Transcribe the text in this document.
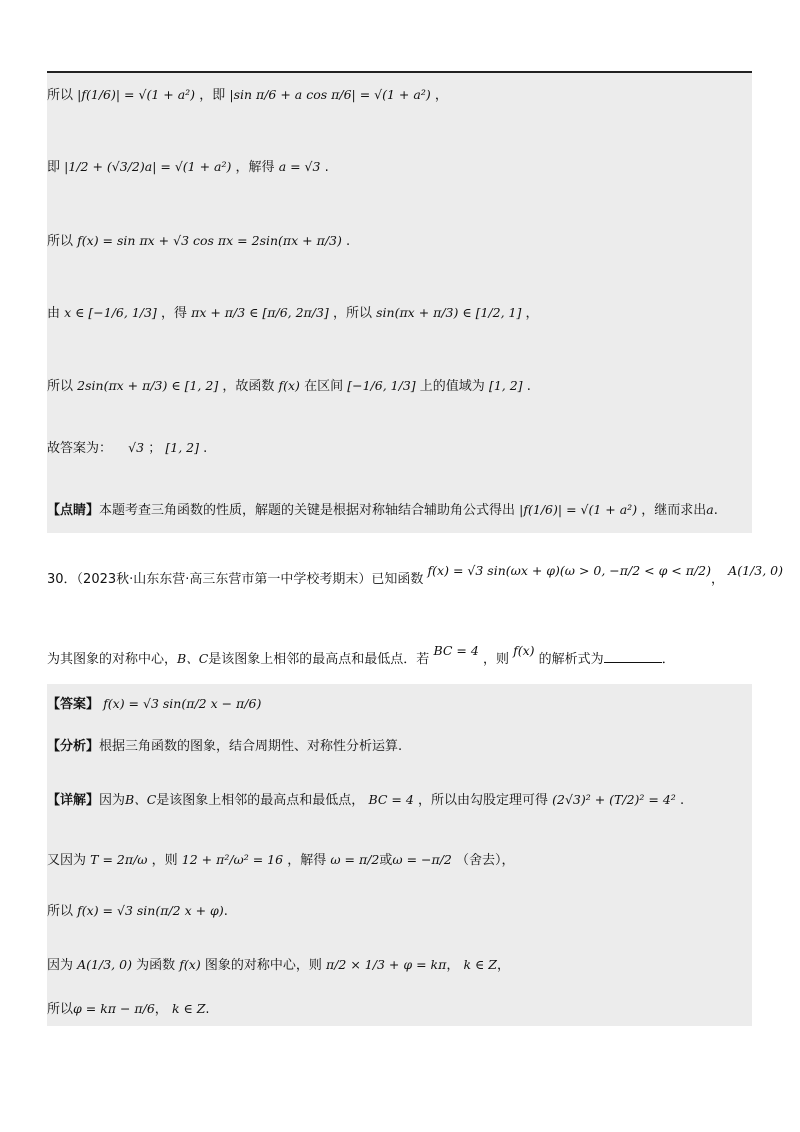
所以 |f(1/6)| = √(1 + a²) ，即 |sin π/6 + a cos π/6| = √(1 + a²) ，
即 |1/2 + (√3/2)a| = √(1 + a²) ，解得 a = √3 .
所以 f(x) = sin πx + √3 cos πx = 2sin(πx + π/3) .
由 x ∈ [−1/6, 1/3] ，得 πx + π/3 ∈ [π/6, 2π/3] ，所以 sin(πx + π/3) ∈ [1/2, 1] ，
所以 2sin(πx + π/3) ∈ [1, 2] ，故函数 f(x) 在区间 [−1/6, 1/3] 上的值域为 [1, 2] .
故答案为： √3 ； [1, 2] .
【点睛】本题考查三角函数的性质，解题的关键是根据对称轴结合辅助角公式得出 |f(1/6)| = √(1 + a²) ，继而求出a.
30．（2023秋·山东东营·高三东营市第一中学校考期末）已知函数 f(x) = √3 sin(ωx + φ)(ω > 0, −π/2 < φ < π/2)， A(1/3, 0)
为其图象的对称中心，B、C是该图象上相邻的最高点和最低点．若 BC = 4 ，则 f(x) 的解析式为	．
【答案】 f(x) = √3 sin(π/2 x − π/6)
【分析】根据三角函数的图象，结合周期性、对称性分析运算.
【详解】因为B、C是该图象上相邻的最高点和最低点， BC = 4 ，所以由勾股定理可得 (2√3)² + (T/2)² = 4² .
又因为 T = 2π/ω ，则 12 + π²/ω² = 16 ，解得 ω = π/2或ω = −π/2 （舍去），
所以 f(x) = √3 sin(π/2 x + φ).
因为 A(1/3, 0) 为函数 f(x) 图象的对称中心，则 π/2 × 1/3 + φ = kπ， k ∈ Z，
所以φ = kπ − π/6， k ∈ Z.
